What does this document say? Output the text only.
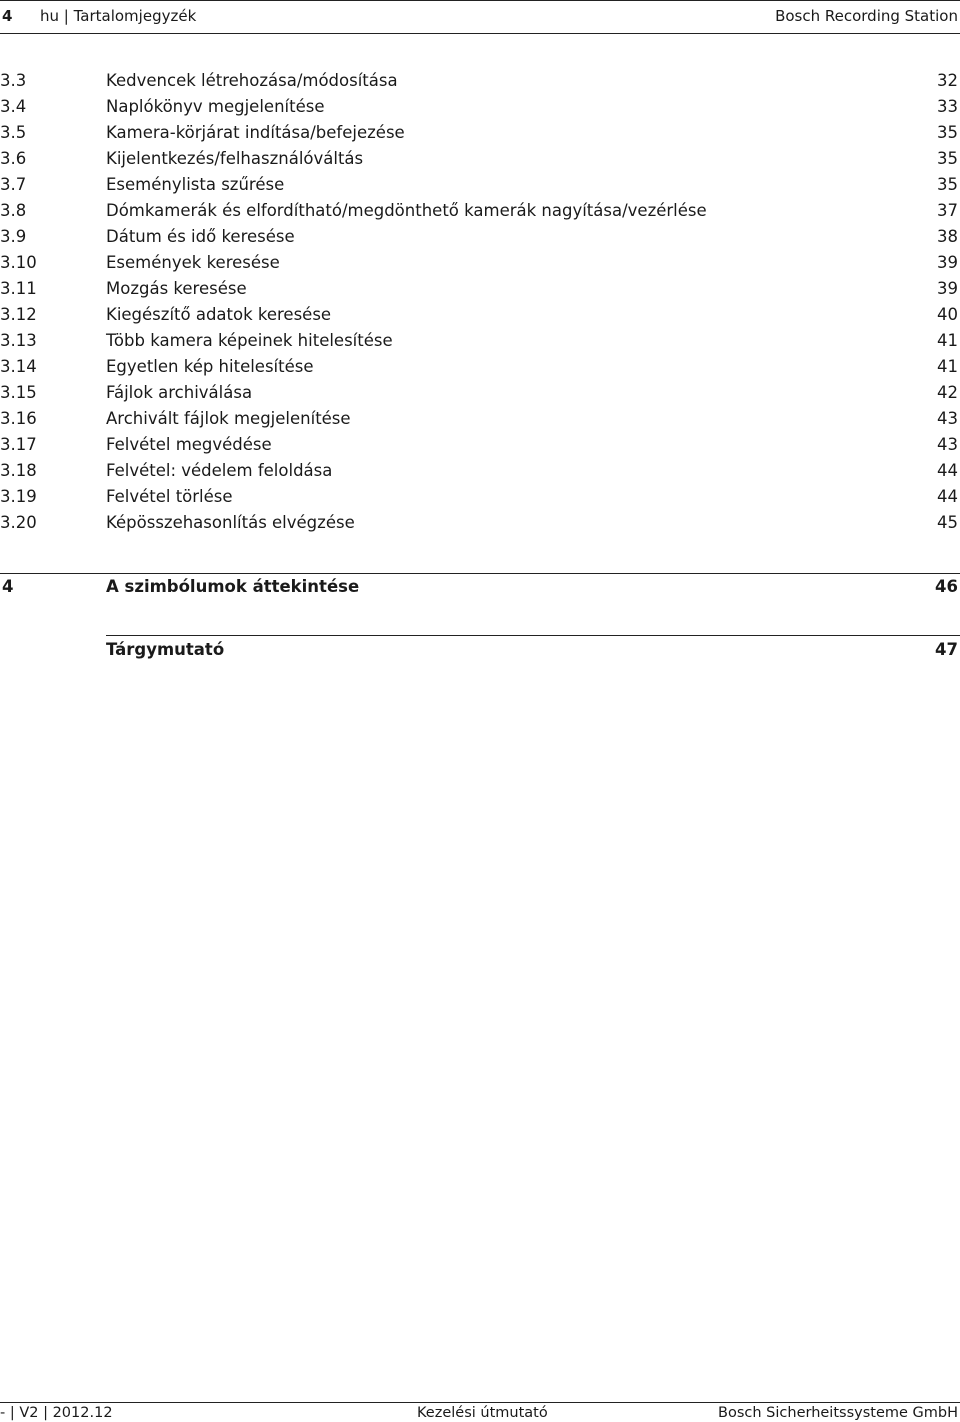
4 hu | Tartalomjegyzék	Bosch Recording Station
3.3	Kedvencek létrehozása/módosítása	32
3.4	Naplókönyv megjelenítése	33
3.5	Kamera-körjárat indítása/befejezése	35
3.6	Kijelentkezés/felhasználóváltás	35
3.7	Eseménylista szűrése	35
3.8	Dómkamerák és elfordítható/megdönthető kamerák nagyítása/vezérlése	37
3.9	Dátum és idő keresése	38
3.10	Események keresése	39
3.11	Mozgás keresése	39
3.12	Kiegészítő adatok keresése	40
3.13	Több kamera képeinek hitelesítése	41
3.14	Egyetlen kép hitelesítése	41
3.15	Fájlok archiválása	42
3.16	Archivált fájlok megjelenítése	43
3.17	Felvétel megvédése	43
3.18	Felvétel: védelem feloldása	44
3.19	Felvétel törlése	44
3.20	Képösszehasonlítás elvégzése	45
4	A szimbólumok áttekintése	46
Tárgymutató	47
- | V2 | 2012.12	Kezelési útmutató	Bosch Sicherheitssysteme GmbH
